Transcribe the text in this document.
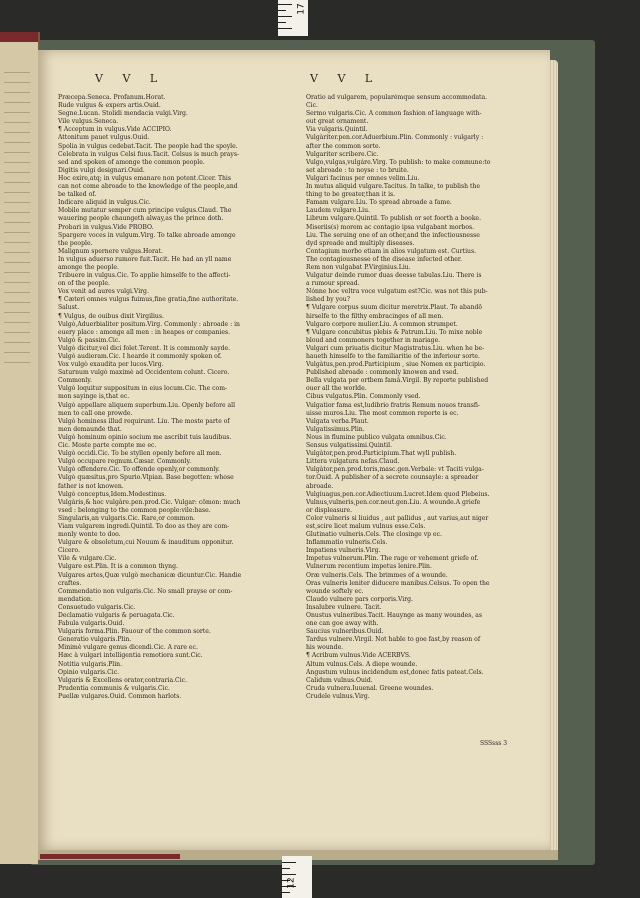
17
V V L	V V L
Præcepa.Seneca. Profanum.Horat.
Rude vulgus & expers artis.Ouid.
Segne.Lucan. Stolidi mendacia vulgi.Virg.
Vile vulgus.Seneca.
¶ Acceptum in vulgus.Vide ACCIPIO.
Attonitum pauet vulgus.Ouid.
Spolia in vulgus cedebat.Tacit. The people had the spoyle.
Celebrata in vulgus Celsi fuus.Tacit. Celsus is much prays-
sed and spoken of amonge the common people.
Digitis vulgi designari.Ouid.
Hoc exire,atq; in vulgus emanare non potent.Cicer. This
can not come abroade to the knowledge of the people,and
be talked of.
Indicare aliquid in vulgus.Cic.
Mobile mutatur semper cum principe vulgus.Claud. The
wauering people chaungeth alway,as the prince doth.
Probari in vulgus.Vide PROBO.
Spargere voces in vulgum.Virg. To talke abroade amonge
the people.
Malignum spernere vulgus.Horat.
In vulgus aduerso rumore fuit.Tacit. He had an yll name
amonge the people.
Tribuere in vulgus.Cic. To applie himselfe to the affecti-
on of the people.
Vox venit ad aures vulgi.Virg.
¶ Cæteri omnes vulgus fuimus,fine gratia,fine authoritate.
Salust.
¶ Vulgus, de ouibus dixit Virgilius.
Vulgò,Aduerbialiter positum.Virg. Commonly : abroade : in
euery place : amonge all men : in heapes or companies.
Vulgò & passim.Cic.
Vulgò dicitur,vel dici folet.Terent. It is commonly sayde.
Vulgò audieram.Cic. I hearde it commonly spoken of.
Vox vulgò exaudita per lucos.Virg.
Saturnum vulgò maximè ad Occidentem colunt. Cicero.
Commonly.
Vulgò loquitur suppositum in eius locum.Cic. The com-
mon sayinge is,that ec.
Vulgò appellare aliquem superbum.Liu. Openly before all
men to call one prowde.
Vulgò hominess illud requirunt. Liu. The moste parte of
men demaunde that.
Vulgò hominum opinio socium me ascribit tuis laudibus.
Cic. Moste parte compte me ec.
Vulgò occidi.Cic. To be styllen openly before all men.
Vulgò occupare regnum.Cæsar. Commonly.
Vulgò offendere.Cic. To offende openly,or commonly.
Vulgò quæsitus,pro Spurio.Vlpian. Base begotten: whose
father is not knowen.
Vulgò conceptus,Idem.Modestinus.
Vulgàris,& hoc vulgàre.pen.prod.Cic. Vulgar: cōmon: much
vsed : belonging to the common people:vile:base.
Singularis,an vulgaris.Cic. Rare,or common.
Viam vulgarem ingredi.Quintil. To doo as they are com-
monly wonte to doo.
Vulgare & obsoletum,cui Nouum & inauditum opponitur.
Cicero.
Vile & vulgare.Cic.
Vulgare est.Plin. It is a common thyng.
Vulgares artes,Quæ vulgò mechanicæ dicuntur.Cic. Handie
craftes.
Commendatio non vulgaris.Cic. No small prayse or com-
mendation.
Consuetudo vulgaris.Cic.
Declamatio vulgaris & peruagata.Cic.
Fabula vulgaris.Ouid.
Vulgaris forma.Plin. Fauour of the common sorte.
Generatio vulgaris.Plin.
Minimè vulgare genus dicendi.Cic. A rare ec.
Hæc à vulgari intelligentia remotiora sunt.Cic.
Notitia vulgaris.Plin.
Opinio vulgaris.Cic.
Vulgaris & Excellens orator,contraria.Cic.
Prudentia communis & vulgaris.Cic.
Puellæ vulgares.Ouid. Common harlots.
Oratio ad vulgarem, popularémque sensum accommodata.
Cic.
Sermo vulgaris.Cic. A common fashion of language with-
out great ornament.
Via vulgaris.Quintil.
Vulgàriter.pen.cor.Aduerbium.Plin. Commonly : vulgarly :
after the common sorte.
Vulgariter scribere.Cic.
Vulgo,vulgas,vulgáre.Virg. To publish: to make commune:to
set abroade : to noyse : to bruite.
Vulgari facinus per omnes velim.Liu.
In mutus aliquid vulgare.Tacitus. In talke, to publish the
thing to be greater,than it is.
Famam vulgare.Liu. To spread abroade a fame.
Laudem vulgare.Liu.
Librum vulgare.Quintil. To publish or set foorth a booke.
Miseriis(s) morem ac contagio ipsa vulgabant morbos.
Liu. The seruing one of an other,and the infectiousnesse
dyd spreade and multiply diseases.
Contagium morbo etiam in alios vulgatum est. Curtius.
The contagiousnesse of the disease infected other.
Rem non vulgabat P.Virginius.Liu.
Vulgatur deinde rumor duas deesse tabulas.Liu. There is
a rumour spread.
Nónne hoc veltra voce vulgatum est?Cic. was not this pub-
lished by you?
¶ Vulgare corpus suum dicitur meretrix.Plaut. To abandō
hirselfe to the filthy embracinges of all men.
Vulgaro corpore mulier.Liu. A common strumpet.
¶ Vulgare concubitus plebis & Patrum.Liu. To mixe noble
bloud and commoners together in mariage.
Vulgari cum priuatis dicitur Magistratus.Liu. when he be-
haueth himselfe to the familiaritie of the inferiour sorte.
Vulgàtus,pen.prod.Participium , siue Nomen ex participio.
Published abroade : commonly knowen and vsed.
Bella vulgata per ortbem famâ.Virgil. By reporte published
ouer all the worlde.
Cibus vulgatus.Plin. Commonly vsed.
Vulgatior fama est,ludibrio fratris Remum nouos transfi-
uisse muros.Liu. The most common reporte is ec.
Vulgata verba.Plaut.
Vulgatissimus.Plin.
Nous in flumine publico vulgata omnibus.Cic.
Sensus vulgatissimi.Quintil.
Vulgàtor,pen.prod.Participium.That wyll publish.
Littera vulgatura nefas.Claud.
Vulgàtor,pen.prod.toris,masc.gen.Verbale: vt Taciti vulga-
tor.Ouid. A publisher of a secrete counsayle: a spreader
abroade.
Vulgiuagus,pen.cor.Adiectiuum.Lucret.Idem quod Plebeius.
Vulnus,vulneris,pen.cor.neut.gen.Liu. A wounde.A griefe
or displeasure.
Color vulneris si liuidus , aut pallidus , aut varius,aut niger
est,scire licet malum vulnus esse.Cels.
Glutinatio vulneris.Cels. The closinge vp ec.
Inflammatio vulneris.Cels.
Impatiens vulneris.Virg.
Impetus vulnerum.Plin. The rage or vehement griefe of.
Vulnerum recentium impetus lenire.Plin.
Oræ vulneris.Cels. The brimmes of a wounde.
Oras vulneris leniter diducere manibus.Celsus. To open the
wounde softely ec.
Claudo vulnere pars corporis.Virg.
Insalubre vulnere. Tacit.
Onustus vulneribus.Tacit. Hauynge as many woundes, as
one can goe away with.
Saucius vulneribus.Ouid.
Tardus vulnere.Virgil. Not hable to goe fast,by reason of
his wounde.
¶ Acribum vulnus.Vide ACERBVS.
Altum vulnus.Cels. A diepe wounde.
Angustum vulnus incidendum est,donec fatis pateat.Cels.
Calidum vulnus.Ouid.
Cruda vulnera.Iuuenal. Greene woundes.
Crudele vulnus.Virg.
SSSsss 3
12
